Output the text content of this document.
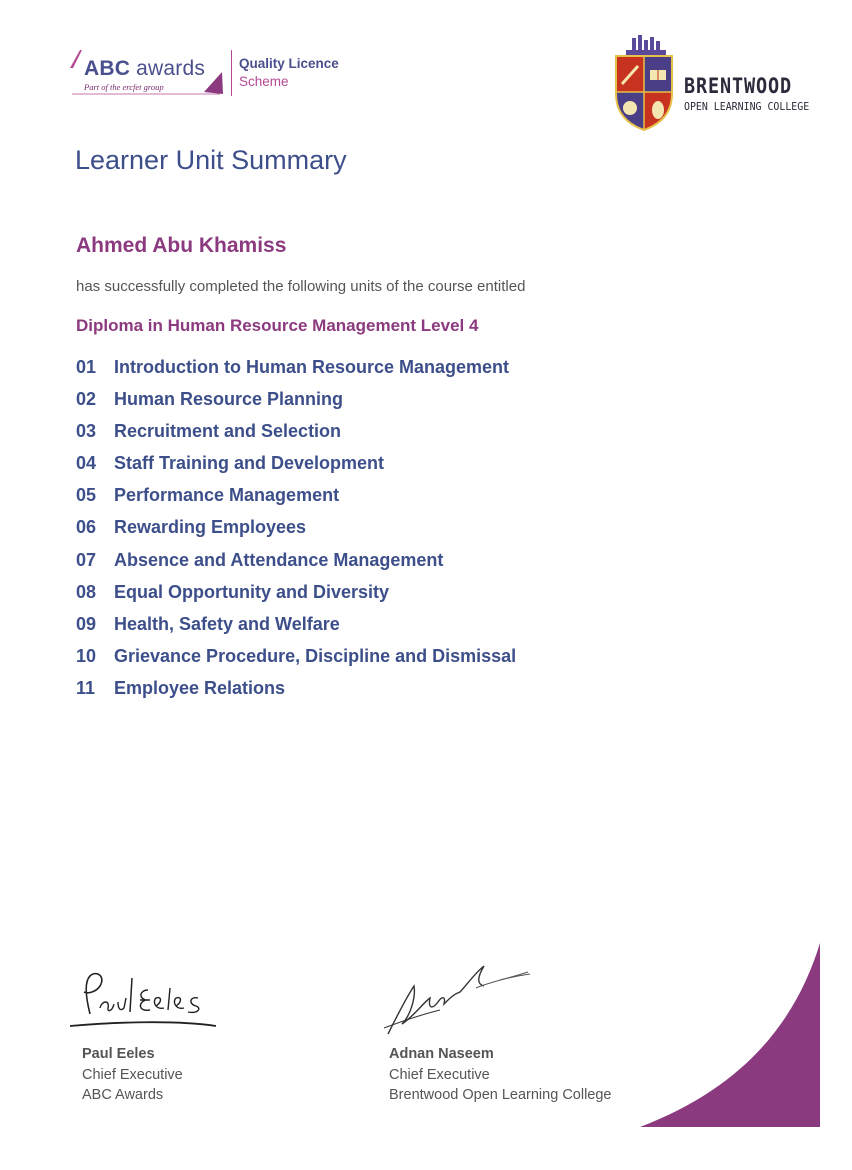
ABC awards
Part of the ercfet group
Quality Licence
Scheme	BRENTWOOD
OPEN LEARNING COLLEGE
Learner Unit Summary
Ahmed Abu Khamiss
has successfully completed the following units of the course entitled
Diploma in Human Resource Management Level 4
01 Introduction to Human Resource Management
02 Human Resource Planning
03 Recruitment and Selection
04 Staff Training and Development
05 Performance Management
06 Rewarding Employees
07 Absence and Attendance Management
08 Equal Opportunity and Diversity
09 Health, Safety and Welfare
10 Grievance Procedure, Discipline and Dismissal
11 Employee Relations
Paul Eeles
Chief Executive
ABC Awards
Adnan Naseem
Chief Executive
Brentwood Open Learning College
